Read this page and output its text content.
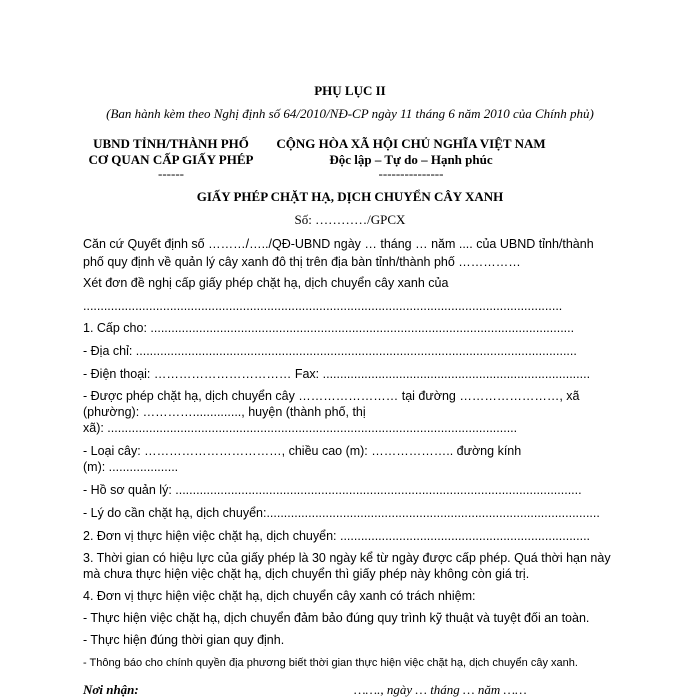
PHỤ LỤC II
(Ban hành kèm theo Nghị định số 64/2010/NĐ-CP ngày 11 tháng 6 năm 2010 của Chính phủ)
UBND TỈNH/THÀNH PHỐ
CƠ QUAN CẤP GIẤY PHÉP
------
CỘNG HÒA XÃ HỘI CHỦ NGHĨA VIỆT NAM
Độc lập – Tự do – Hạnh phúc
---------------
GIẤY PHÉP CHẶT HẠ, DỊCH CHUYỂN CÂY XANH
Số: …………/GPCX
Căn cứ Quyết định số ………/…../QĐ-UBND ngày … tháng … năm .... của UBND tỉnh/thành
phố quy định về quản lý cây xanh đô thị trên địa bàn tỉnh/thành phố ……………
Xét đơn đề nghị cấp giấy phép chặt hạ, dịch chuyển cây xanh của
..........................................................................................................................................
1. Cấp cho: ..........................................................................................................................
- Địa chỉ: ...............................................................................................................................
- Điện thoại: …………………………… Fax: .............................................................................
- Được phép chặt hạ, dịch chuyển cây …………………… tại đường ……………………, xã
(phường): ………….............., huyện (thành phố, thị
xã): ......................................................................................................................
- Loại cây: ……………………………, chiều cao (m): ……………….. đường kính
(m): ....................
- Hồ sơ quản lý: .....................................................................................................................
- Lý do cần chặt hạ, dịch chuyển:................................................................................................
2. Đơn vị thực hiện việc chặt hạ, dịch chuyển: ........................................................................
3. Thời gian có hiệu lực của giấy phép là 30 ngày kể từ ngày được cấp phép. Quá thời hạn này
mà chưa thực hiện việc chặt hạ, dịch chuyển thì giấy phép này không còn giá trị.
4. Đơn vị thực hiện việc chặt hạ, dịch chuyển cây xanh có trách nhiệm:
- Thực hiện việc chặt hạ, dịch chuyển đảm bảo đúng quy trình kỹ thuật và tuyệt đối an toàn.
- Thực hiện đúng thời gian quy định.
- Thông báo cho chính quyền địa phương biết thời gian thực hiện việc chặt hạ, dịch chuyển cây xanh.
Nơi nhận:	……., ngày … tháng … năm ……
